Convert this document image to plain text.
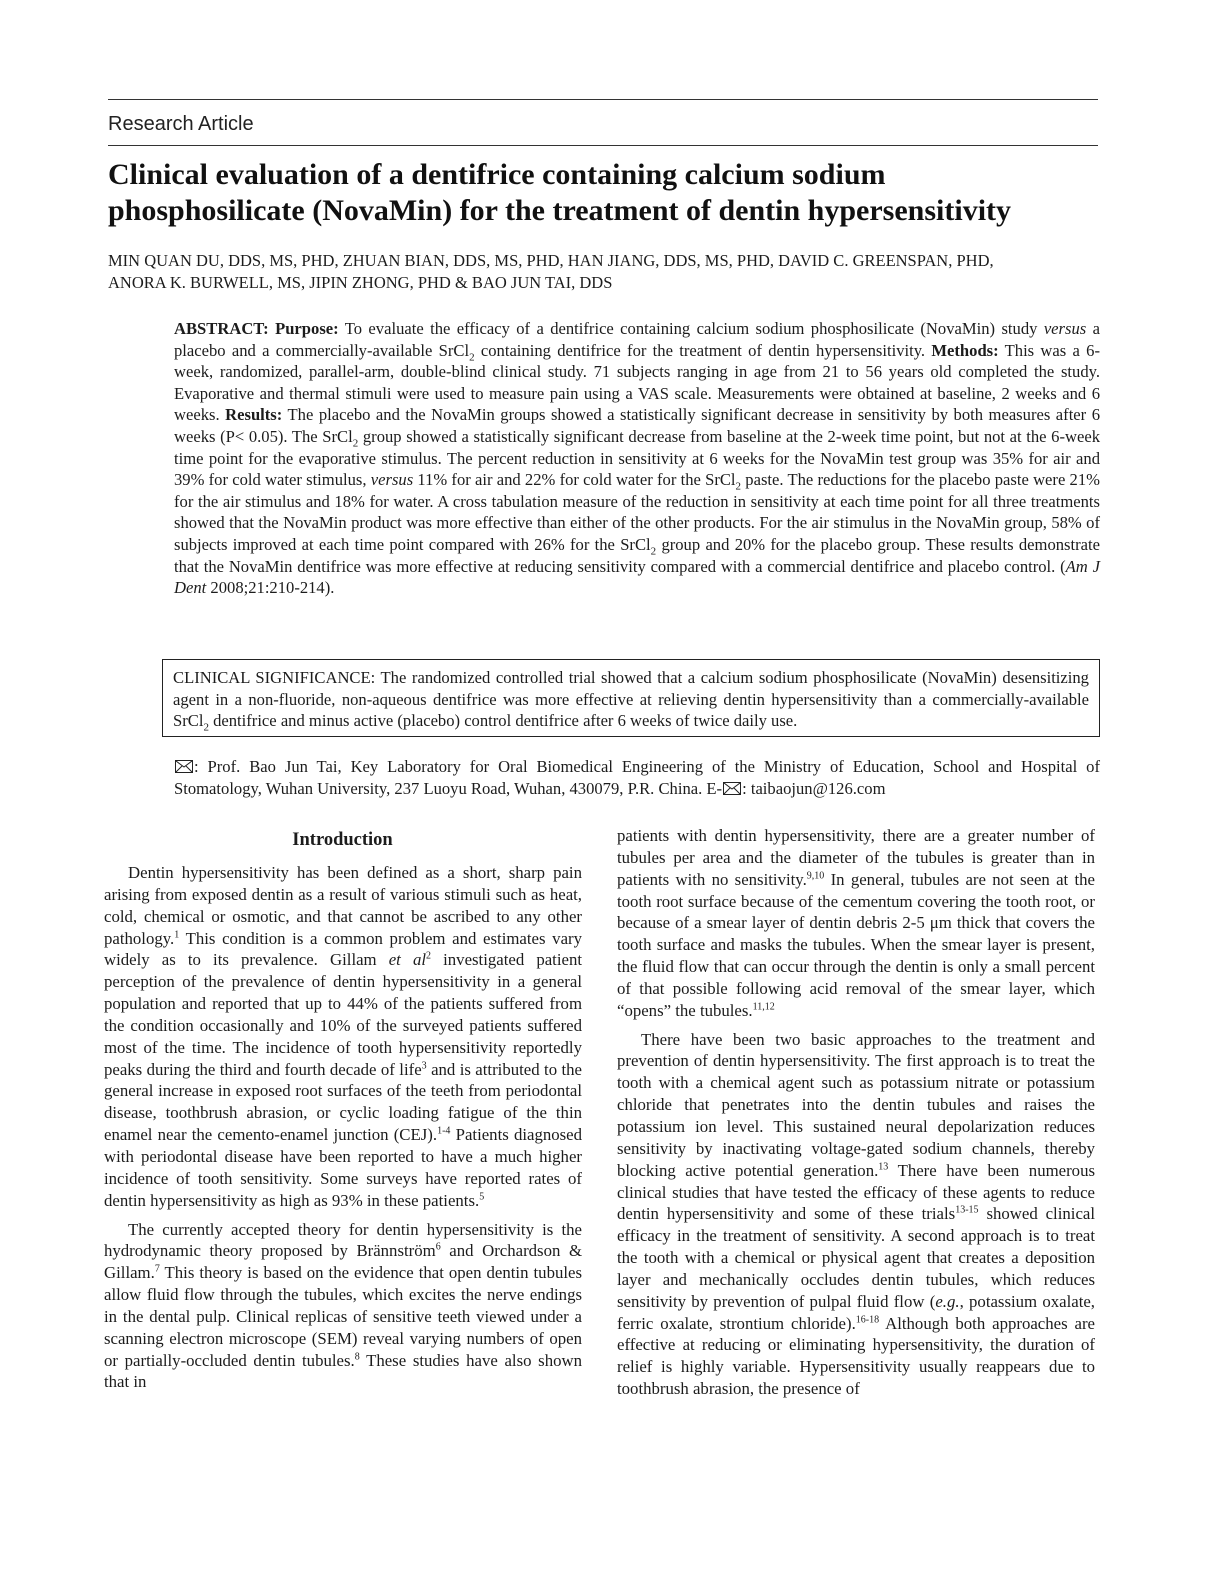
Research Article
Clinical evaluation of a dentifrice containing calcium sodium
phosphosilicate (NovaMin) for the treatment of dentin hypersensitivity
MIN QUAN DU, DDS, MS, PHD, ZHUAN BIAN, DDS, MS, PHD, HAN JIANG, DDS, MS, PHD, DAVID C. GREENSPAN, PHD,
ANORA K. BURWELL, MS, JIPIN ZHONG, PHD & BAO JUN TAI, DDS
ABSTRACT: Purpose: To evaluate the efficacy of a dentifrice containing calcium sodium phosphosilicate (NovaMin) study versus a placebo and a commercially-available SrCl$_2$ containing dentifrice for the treatment of dentin hypersensitivity. Methods: This was a 6-week, randomized, parallel-arm, double-blind clinical study. 71 subjects ranging in age from 21 to 56 years old completed the study. Evaporative and thermal stimuli were used to measure pain using a VAS scale. Measurements were obtained at baseline, 2 weeks and 6 weeks. Results: The placebo and the NovaMin groups showed a statistically significant decrease in sensitivity by both measures after 6 weeks (P< 0.05). The SrCl$_2$ group showed a statistically significant decrease from baseline at the 2-week time point, but not at the 6-week time point for the evaporative stimulus. The percent reduction in sensitivity at 6 weeks for the NovaMin test group was 35% for air and 39% for cold water stimulus, versus 11% for air and 22% for cold water for the SrCl$_2$ paste. The reductions for the placebo paste were 21% for the air stimulus and 18% for water. A cross tabulation measure of the reduction in sensitivity at each time point for all three treatments showed that the NovaMin product was more effective than either of the other products. For the air stimulus in the NovaMin group, 58% of subjects improved at each time point compared with 26% for the SrCl$_2$ group and 20% for the placebo group. These results demonstrate that the NovaMin dentifrice was more effective at reducing sensitivity compared with a commercial dentifrice and placebo control. (Am J Dent 2008;21:210-214).
CLINICAL SIGNIFICANCE: The randomized controlled trial showed that a calcium sodium phosphosilicate (NovaMin) desensitizing agent in a non-fluoride, non-aqueous dentifrice was more effective at relieving dentin hypersensitivity than a commercially-available SrCl$_2$ dentifrice and minus active (placebo) control dentifrice after 6 weeks of twice daily use.
: Prof. Bao Jun Tai, Key Laboratory for Oral Biomedical Engineering of the Ministry of Education, School and Hospital of Stomatology, Wuhan University, 237 Luoyu Road, Wuhan, 430079, P.R. China. E- : taibaojun@126.com
Introduction

Dentin hypersensitivity has been defined as a short, sharp pain arising from exposed dentin as a result of various stimuli such as heat, cold, chemical or osmotic, and that cannot be ascribed to any other pathology.$^1$ This condition is a common problem and estimates vary widely as to its prevalence. Gillam et $al^2$ investigated patient perception of the prevalence of dentin hypersensitivity in a general population and reported that up to 44% of the patients suffered from the condition occasionally and 10% of the surveyed patients suffered most of the time. The incidence of tooth hypersensitivity reportedly peaks during the third and fourth decade of life$^3$ and is attributed to the general increase in exposed root surfaces of the teeth from periodontal disease, toothbrush abrasion, or cyclic loading fatigue of the thin enamel near the cemento-enamel junction (CEJ).$^{1-4}$ Patients diagnosed with periodontal disease have been reported to have a much higher incidence of tooth sensitivity. Some surveys have reported rates of dentin hypersensitivity as high as 93% in these patients.$^5$

The currently accepted theory for dentin hypersensitivity is the hydrodynamic theory proposed by Brännström$^6$ and Orchardson & Gillam.$^7$ This theory is based on the evidence that open dentin tubules allow fluid flow through the tubules, which excites the nerve endings in the dental pulp. Clinical replicas of sensitive teeth viewed under a scanning electron microscope (SEM) reveal varying numbers of open or partially-occluded dentin tubules.$^8$ These studies have also shown that in

patients with dentin hypersensitivity, there are a greater number of tubules per area and the diameter of the tubules is greater than in patients with no sensitivity.$^{9,10}$ In general, tubules are not seen at the tooth root surface because of the cementum covering the tooth root, or because of a smear layer of dentin debris 2-5 μm thick that covers the tooth surface and masks the tubules. When the smear layer is present, the fluid flow that can occur through the dentin is only a small percent of that possible following acid removal of the smear layer, which “opens” the tubules.$^{11,12}$

There have been two basic approaches to the treatment and prevention of dentin hypersensitivity. The first approach is to treat the tooth with a chemical agent such as potassium nitrate or potassium chloride that penetrates into the dentin tubules and raises the potassium ion level. This sustained neural depolarization reduces sensitivity by inactivating voltage-gated sodium channels, thereby blocking active potential generation.$^{13}$ There have been numerous clinical studies that have tested the efficacy of these agents to reduce dentin hypersensitivity and some of these trials$^{13-15}$ showed clinical efficacy in the treatment of sensitivity. A second approach is to treat the tooth with a chemical or physical agent that creates a deposition layer and mechanically occludes dentin tubules, which reduces sensitivity by prevention of pulpal fluid flow (e.g., potassium oxalate, ferric oxalate, strontium chloride).$^{16-18}$ Although both approaches are effective at reducing or eliminating hypersensitivity, the duration of relief is highly variable. Hypersensitivity usually reappears due to toothbrush abrasion, the presence of
